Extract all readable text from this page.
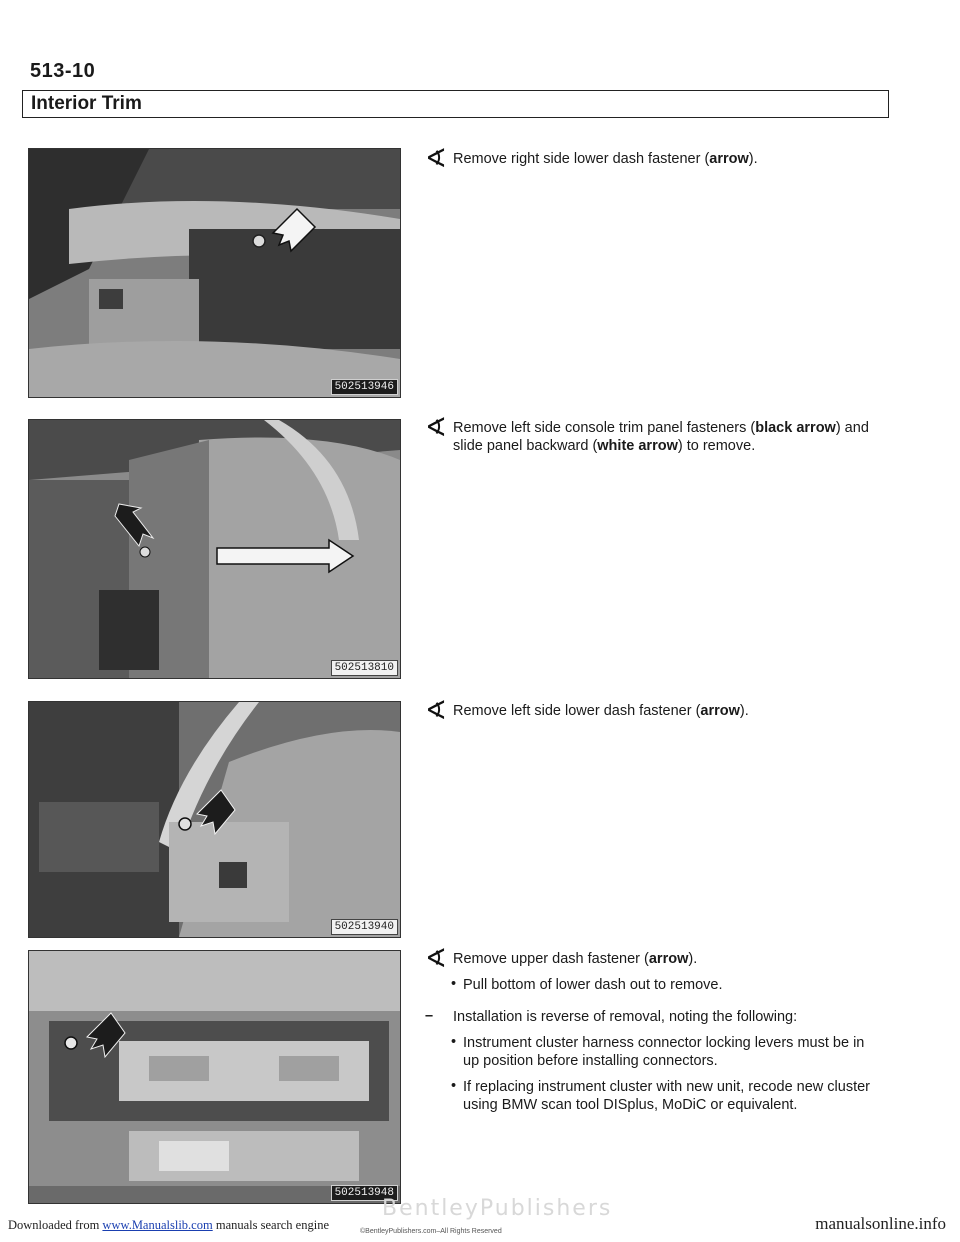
513-10
Interior Trim
502513946
502513810
502513940
502513948
∢ Remove right side lower dash fastener (arrow).
∢ Remove left side console trim panel fasteners (black arrow) and slide panel backward (white arrow) to remove.
∢ Remove left side lower dash fastener (arrow).
∢ Remove upper dash fastener (arrow).
• Pull bottom of lower dash out to remove.
– Installation is reverse of removal, noting the following:
• Instrument cluster harness connector locking levers must be in up position before installing connectors.
• If replacing instrument cluster with new unit, recode new cluster using BMW scan tool DISplus, MoDiC or equivalent.
BentleyPublishers
Downloaded from www.Manualslib.com manuals search engine	©BentleyPublishers.com–All Rights Reserved	manualsonline.info
